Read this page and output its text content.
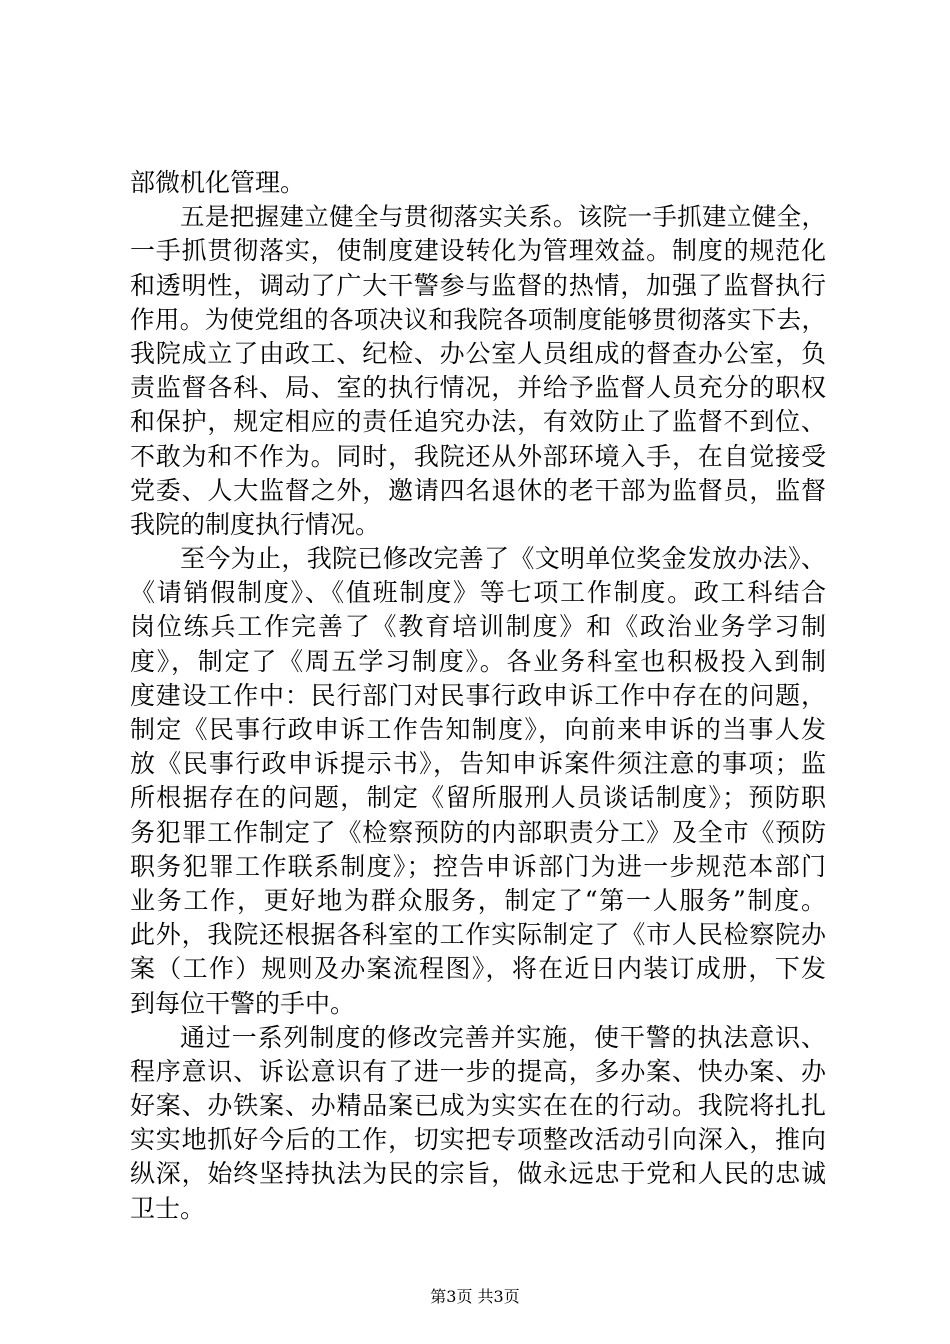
部微机化管理。
五是把握建立健全与贯彻落实关系。该院一手抓建立健全，
一手抓贯彻落实，使制度建设转化为管理效益。制度的规范化
和透明性，调动了广大干警参与监督的热情，加强了监督执行
作用。为使党组的各项决议和我院各项制度能够贯彻落实下去，
我院成立了由政工、纪检、办公室人员组成的督查办公室，负
责监督各科、局、室的执行情况，并给予监督人员充分的职权
和保护，规定相应的责任追究办法，有效防止了监督不到位、
不敢为和不作为。同时，我院还从外部环境入手，在自觉接受
党委、人大监督之外，邀请四名退休的老干部为监督员，监督
我院的制度执行情况。
至今为止，我院已修改完善了《文明单位奖金发放办法》、
《请销假制度》、《值班制度》等七项工作制度。政工科结合
岗位练兵工作完善了《教育培训制度》和《政治业务学习制
度》，制定了《周五学习制度》。各业务科室也积极投入到制
度建设工作中：民行部门对民事行政申诉工作中存在的问题，
制定《民事行政申诉工作告知制度》，向前来申诉的当事人发
放《民事行政申诉提示书》，告知申诉案件须注意的事项；监
所根据存在的问题，制定《留所服刑人员谈话制度》；预防职
务犯罪工作制定了《检察预防的内部职责分工》及全市《预防
职务犯罪工作联系制度》；控告申诉部门为进一步规范本部门
业务工作，更好地为群众服务，制定了“第一人服务”制度。
此外，我院还根据各科室的工作实际制定了《市人民检察院办
案（工作）规则及办案流程图》，将在近日内装订成册，下发
到每位干警的手中。
通过一系列制度的修改完善并实施，使干警的执法意识、
程序意识、诉讼意识有了进一步的提高，多办案、快办案、办
好案、办铁案、办精品案已成为实实在在的行动。我院将扎扎
实实地抓好今后的工作，切实把专项整改活动引向深入，推向
纵深，始终坚持执法为民的宗旨，做永远忠于党和人民的忠诚
卫士。
第3页 共3页
